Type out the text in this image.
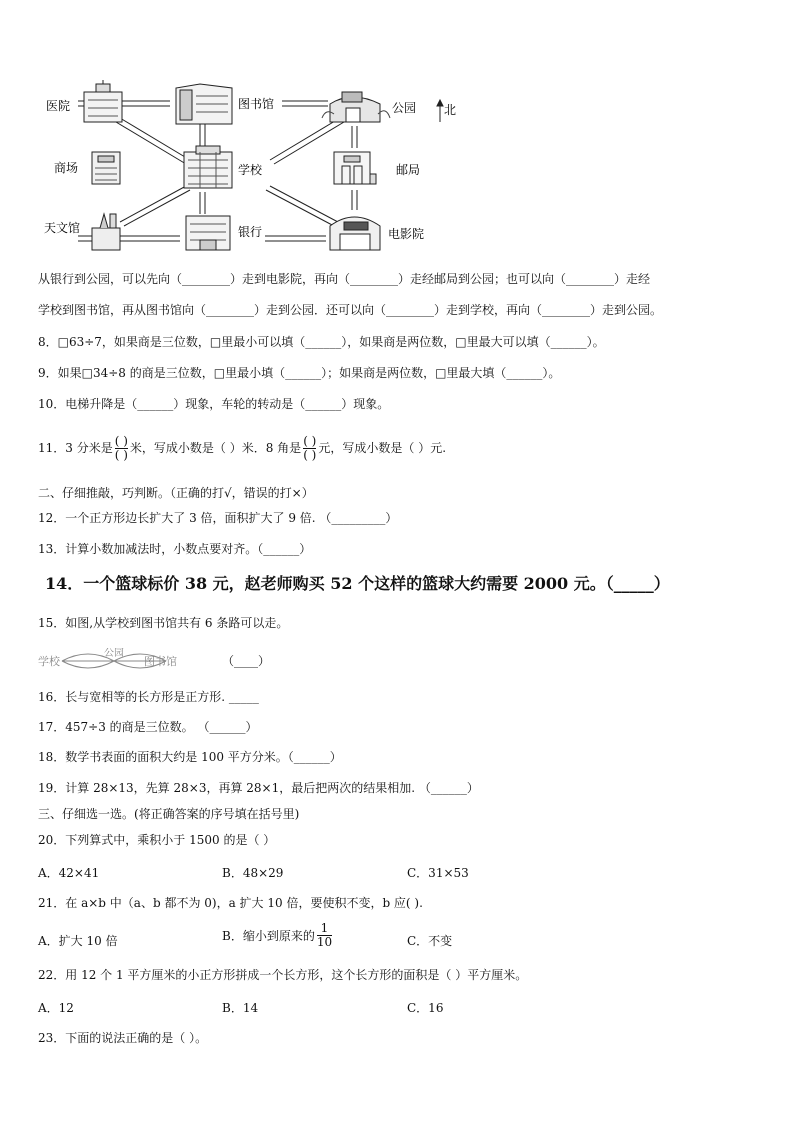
医院	图书馆	公园 北
商场	学校	邮局
天文馆	银行	电影院
从银行到公园，可以先向（________）走到电影院，再向（________）走经邮局到公园；也可以向（________）走经
学校到图书馆，再从图书馆向（________）走到公园．还可以向（________）走到学校，再向（________）走到公园。
8．□63÷7，如果商是三位数，□里最小可以填（______），如果商是两位数，□里最大可以填（______）。
9．如果□34÷8 的商是三位数，□里最小填（______）；如果商是两位数，□里最大填（______）。
10．电梯升降是（______）现象，车轮的转动是（______）现象。
11．3 分米是 $\frac{( )}{( )}$ 米，写成小数是（ ）米．8 角是 $\frac{( )}{( )}$ 元，写成小数是（ ）元.
二、仔细推敲，巧判断。（正确的打√，错误的打×）
12．一个正方形边长扩大了 3 倍，面积扩大了 9 倍. （_________）
13．计算小数加减法时，小数点要对齐。（______）
14．一个篮球标价 38 元，赵老师购买 52 个这样的篮球大约需要 2000 元。（_____）
15．如图,从学校到图书馆共有 6 条路可以走。
学校
公园
图书馆	（____）
16．长与宽相等的长方形是正方形. _____
17．457÷3 的商是三位数。 （______）
18．数学书表面的面积大约是 100 平方分米。（______）
19．计算 28×13，先算 28×3，再算 28×1，最后把两次的结果相加. （______）
三、仔细选一选。(将正确答案的序号填在括号里)
20．下列算式中，乘积小于 1500 的是（ ）
A．42×41	B．48×29	C．31×53
21．在 a×b 中（a、b 都不为 0)，a 扩大 10 倍，要使积不变，b 应( ).
A．扩大 10 倍	B．缩小到原来的 $\frac{1}{10}$	C．不变
22．用 12 个 1 平方厘米的小正方形拼成一个长方形，这个长方形的面积是（ ）平方厘米。
A．12	B．14	C．16
23．下面的说法正确的是（ ）。
